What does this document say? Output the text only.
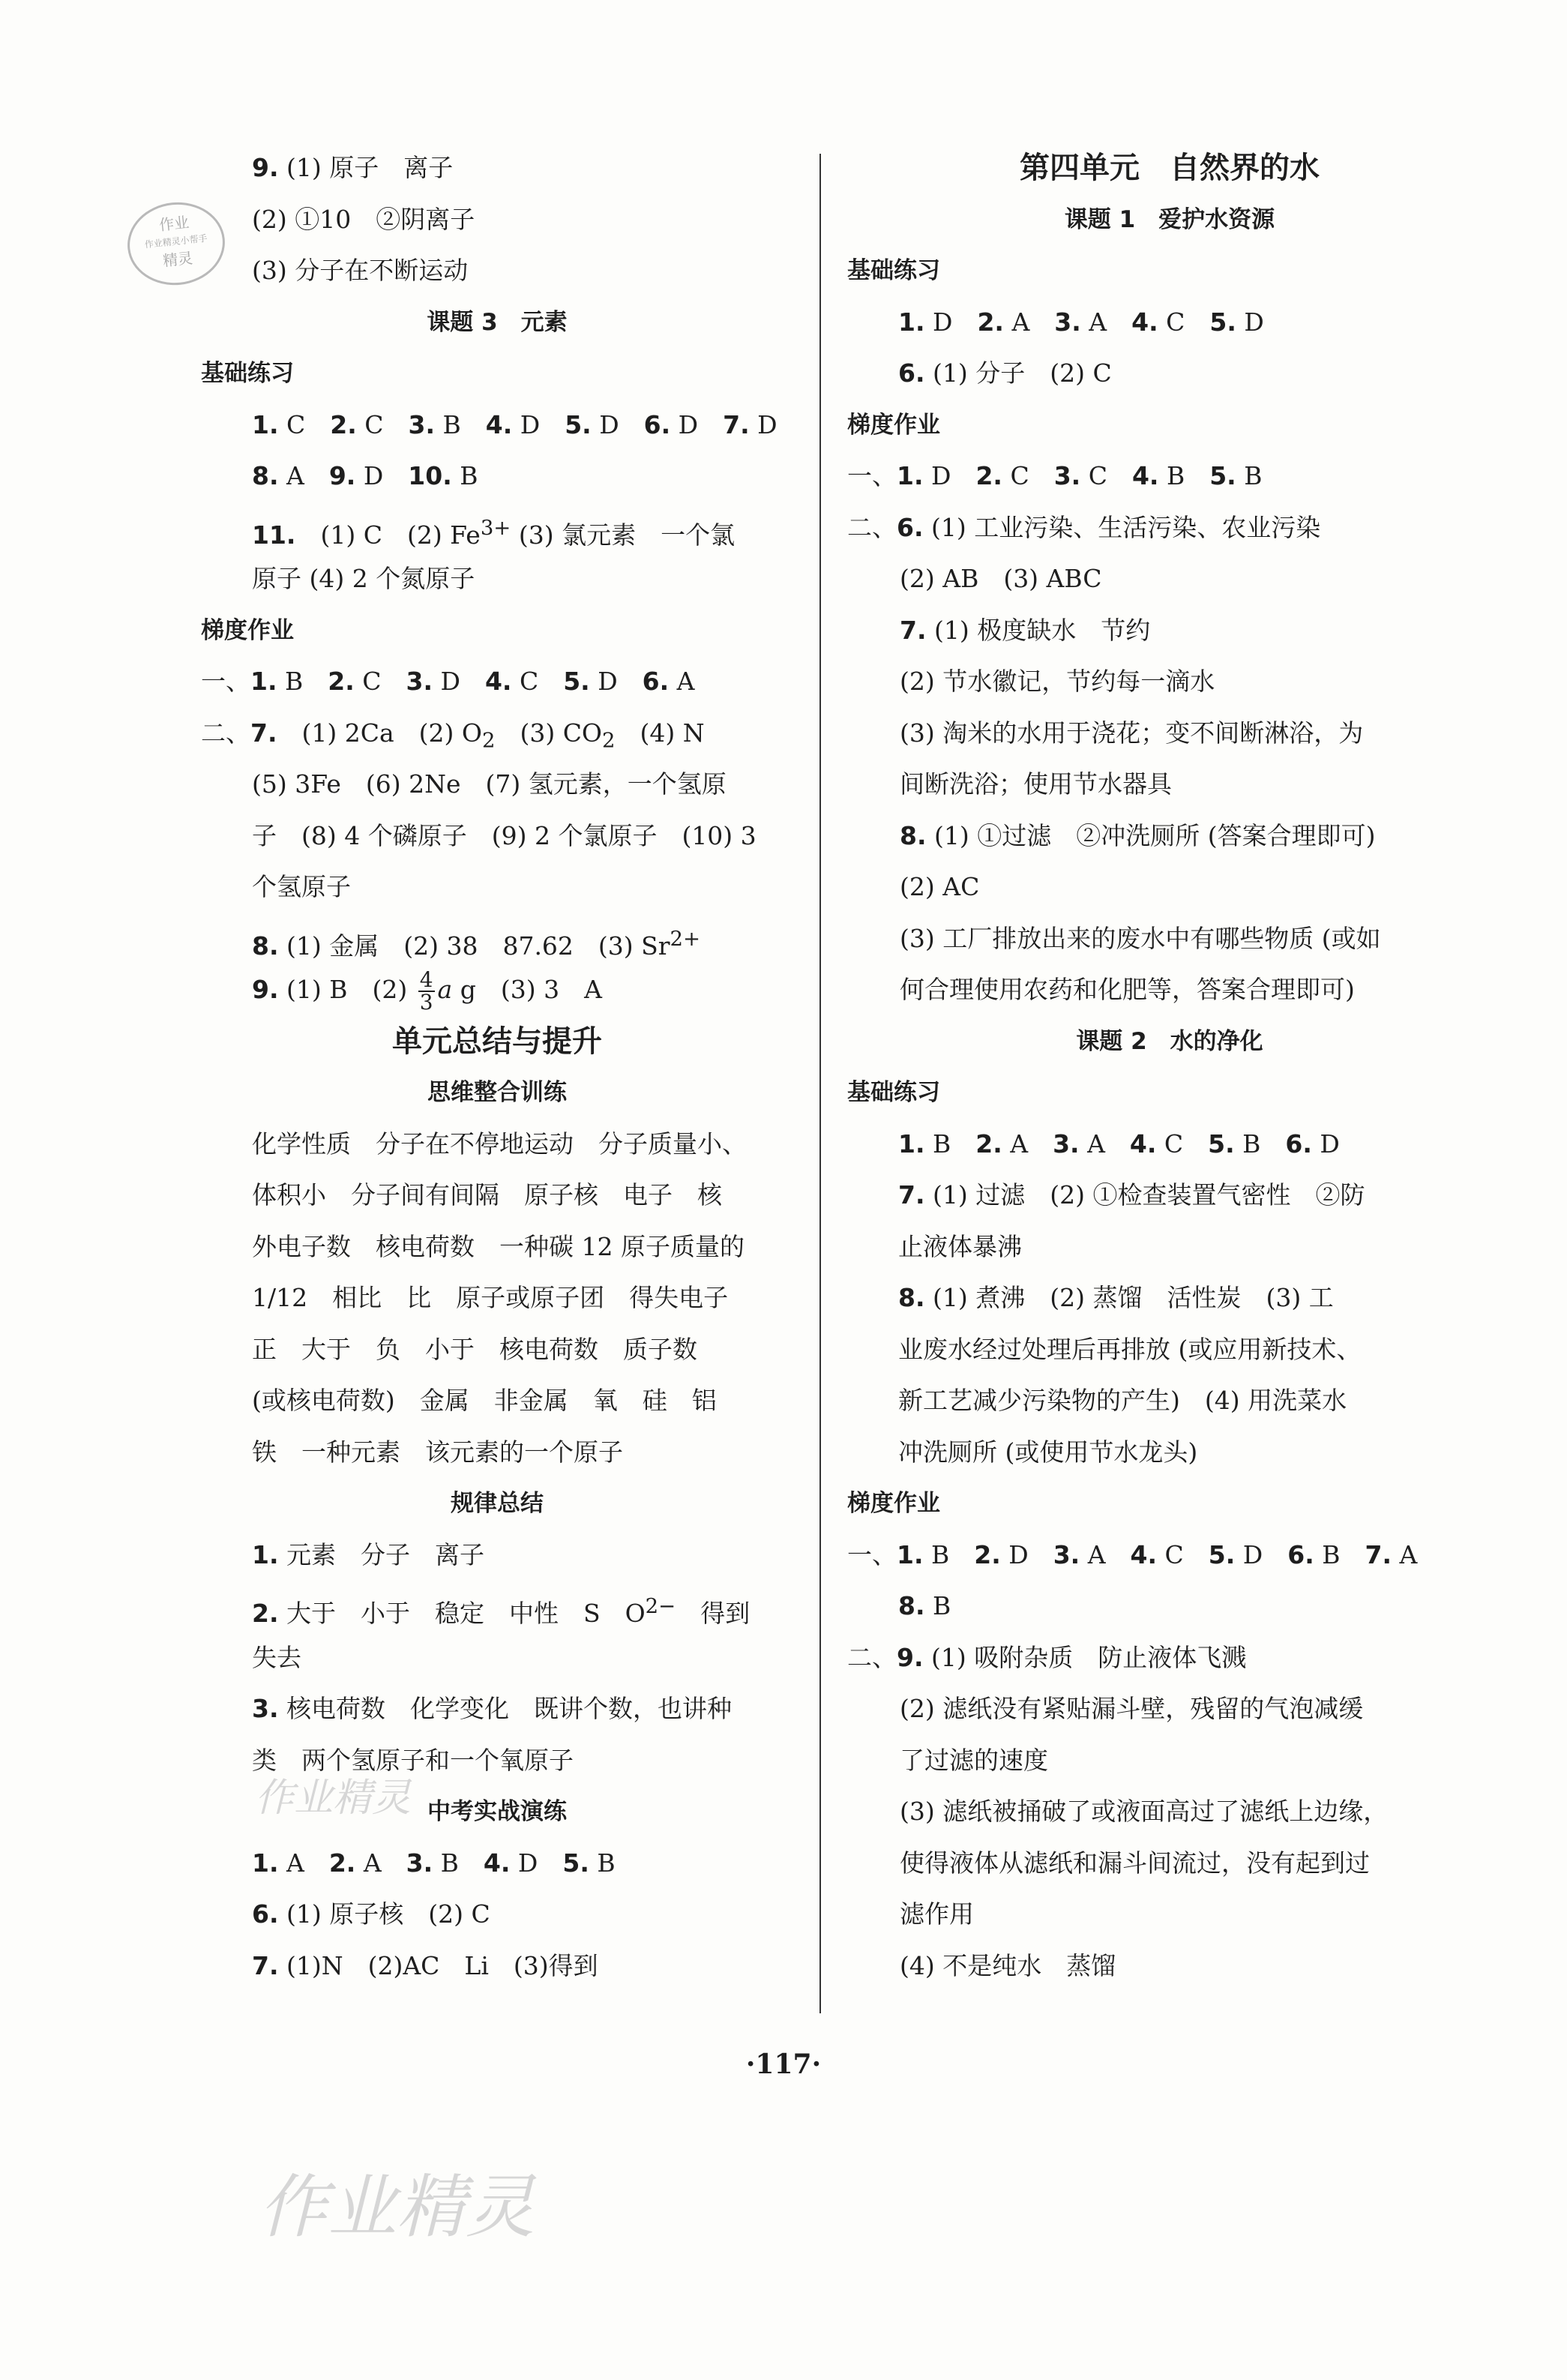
作业
作业精灵小帮手
精灵
作业精灵
作业精灵
9. (1) 原子　离子
(2) ①10　②阴离子
(3) 分子在不断运动
课题 3　元素
基础练习
1. C　2. C　3. B　4. D　5. D　6. D　7. D
8. A　9. D　10. B
11.　(1) C　(2) $Fe^{3+}$ (3) 氯元素　一个氯
原子 (4) 2 个氮原子
梯度作业
一、1. B　2. C　3. D　4. C　5. D　6. A
二、7.　(1) 2Ca　(2) $O_2$　(3) $CO_2$　(4) N
(5) 3Fe　(6) 2Ne　(7) 氢元素，一个氢原
子　(8) 4 个磷原子　(9) 2 个氯原子　(10) 3
个氢原子
8. (1) 金属　(2) 38　87.62　(3) $Sr^{2+}$
9. (1) B　$(2) \frac{4}{3}$ a g　(3) 3　A
单元总结与提升
思维整合训练
化学性质　分子在不停地运动　分子质量小、
体积小　分子间有间隔　原子核　电子　核
外电子数　核电荷数　一种碳 12 原子质量的
1/12　相比　比　原子或原子团　得失电子
正　大于　负　小于　核电荷数　质子数
(或核电荷数)　金属　非金属　氧　硅　铝
铁　一种元素　该元素的一个原子
规律总结
1. 元素　分子　离子
2. 大于　小于　稳定　中性　S　$O^{2-}$　得到
失去
3. 核电荷数　化学变化　既讲个数，也讲种
类　两个氢原子和一个氧原子
中考实战演练
1. A　2. A　3. B　4. D　5. B
6. (1) 原子核　(2) C
7. (1)N　(2)AC　Li　(3)得到
第四单元　自然界的水
课题 1　爱护水资源
基础练习
1. D　2. A　3. A　4. C　5. D
6. (1) 分子　(2) C
梯度作业
一、1. D　2. C　3. C　4. B　5. B
二、6. (1) 工业污染、生活污染、农业污染
(2) AB　(3) ABC
7. (1) 极度缺水　节约
(2) 节水徽记，节约每一滴水
(3) 淘米的水用于浇花；变不间断淋浴，为
间断洗浴；使用节水器具
8. (1) ①过滤　②冲洗厕所 (答案合理即可)
(2) AC
(3) 工厂排放出来的废水中有哪些物质 (或如
何合理使用农药和化肥等，答案合理即可)
课题 2　水的净化
基础练习
1. B　2. A　3. A　4. C　5. B　6. D
7. (1) 过滤　(2) ①检查装置气密性　②防
止液体暴沸
8. (1) 煮沸　(2) 蒸馏　活性炭　(3) 工
业废水经过处理后再排放 (或应用新技术、
新工艺减少污染物的产生)　(4) 用洗菜水
冲洗厕所 (或使用节水龙头)
梯度作业
一、1. B　2. D　3. A　4. C　5. D　6. B　7. A
8. B
二、9. (1) 吸附杂质　防止液体飞溅
(2) 滤纸没有紧贴漏斗壁，残留的气泡减缓
了过滤的速度
(3) 滤纸被捅破了或液面高过了滤纸上边缘，
使得液体从滤纸和漏斗间流过，没有起到过
滤作用
(4) 不是纯水　蒸馏
·117·
